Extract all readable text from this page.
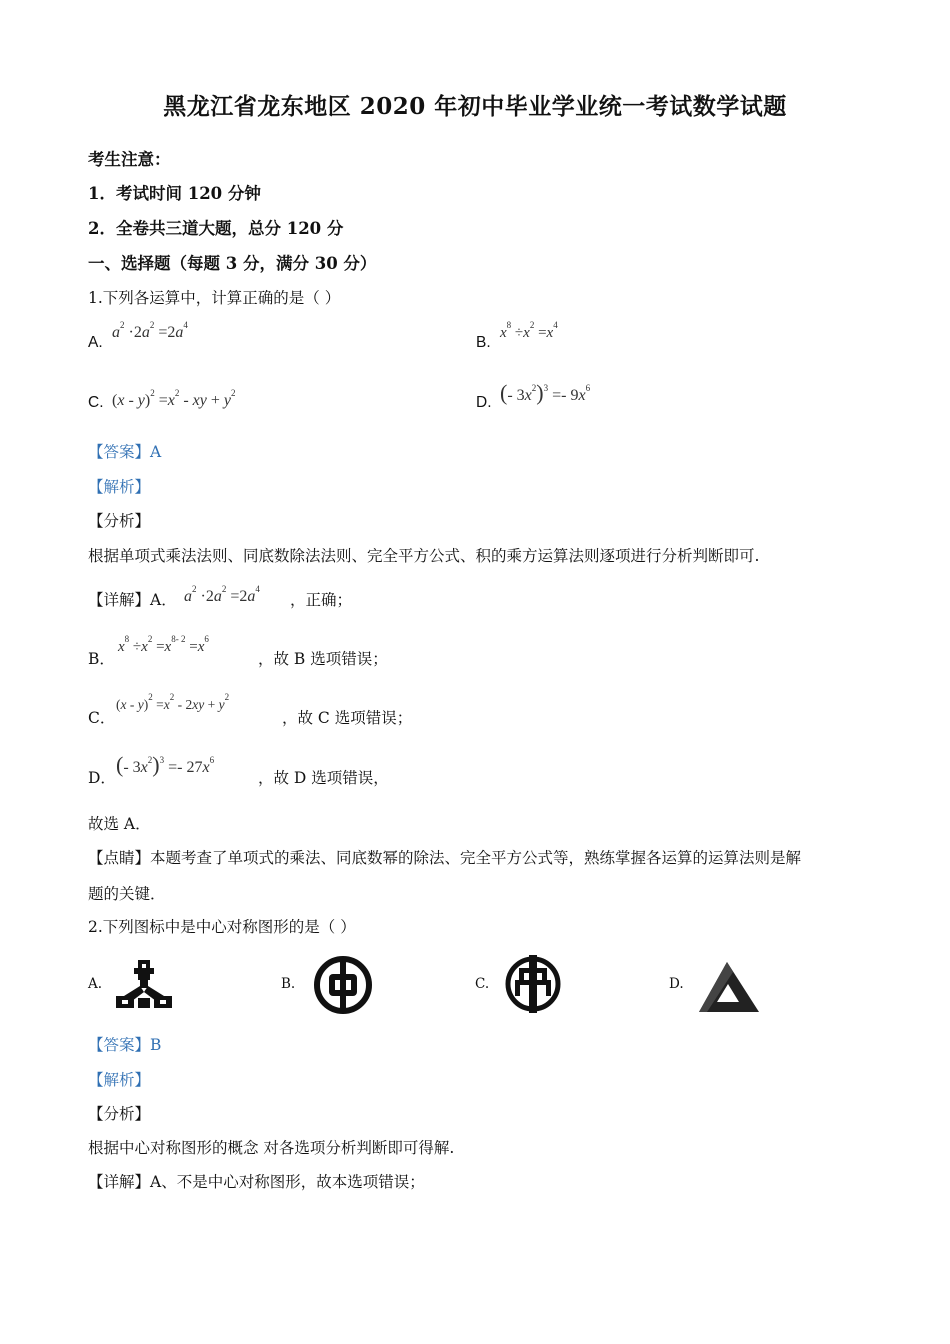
黑龙江省龙东地区 2020 年初中毕业学业统一考试数学试题
考生注意：
1．考试时间 120 分钟
2．全卷共三道大题，总分 120 分
一、选择题（每题 3 分，满分 30 分）
1.下列各运算中，计算正确的是（ ）
A.
$a^2 \cdot 2a^2 =2a^4$
B.
$x^8 \div x^2 =x^4$
C. $(x - y)^2 =x^2$ - xy + $y^2$
D. (- $3x^2)^3 =- 9x^6$
【答案】A
【解析】
【分析】
根据单项式乘法法则、同底数除法法则、完全平方公式、积的乘方运算法则逐项进行分析判断即可.
【详解】A． $a^2 \cdot 2a^2 =2a^4$
，正确；
B．
$x^8 \div x^2 =x^{8- 2} =x^6$
，故 B 选项错误；
C．
$(x - y)^2 =x^2 - 2xy + y^2$
，故 C 选项错误；
D．
(- $3x^2)^3 =- 27x^6$
，故 D 选项错误，
故选 A．
【点睛】本题考查了单项式的乘法、同底数幂的除法、完全平方公式等，熟练掌握各运算的运算法则是解
题的关键．
2.下列图标中是中心对称图形的是（ ）
A.	B.	C.	D.
【答案】B
【解析】
【分析】
根据中心对称图形的概念 对各选项分析判断即可得解.
【详解】A、不是中心对称图形，故本选项错误；
